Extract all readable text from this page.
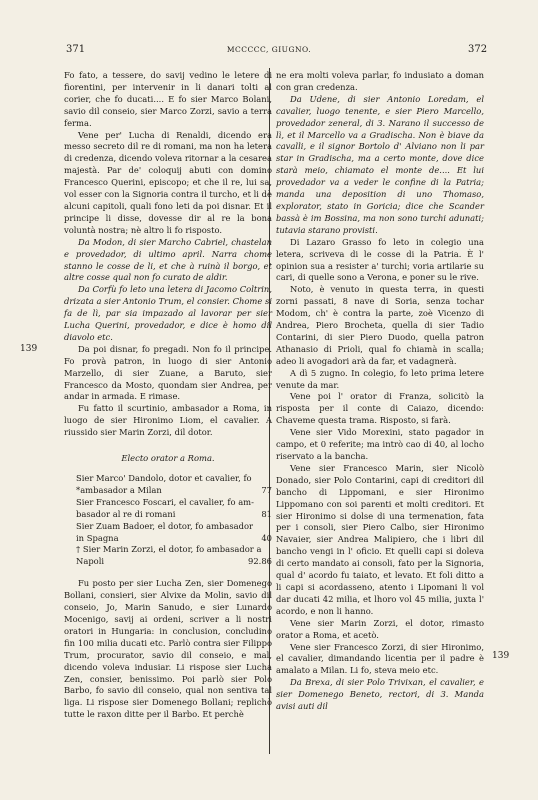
371	MCCCCC, GIUGNO.	372
139
139

Fo fato, a tessere, do savij vedino le letere di fiorentini, per intervenir in li danari tolti al corier, che fo ducati.... E fo sier Marco Bolani, savio dil conseio, sier Marco Zorzi, savio a terra ferma.

Vene per' Lucha di Renaldi, dicendo era messo secreto dil re di romani, ma non ha letera di credenza, dicendo voleva ritornar a la cesarea majestà. Par de' coloquij abuti con domino Francesco Querini, episcopo; et che il re, lui sa, vol esser con la Signoria contra il turcho, et li dè alcuni capitoli, quali fono leti da poi disnar. Et il principe li disse, dovesse dir al re la bona voluntà nostra; nè altro li fo risposto.

Da Modon, di sier Marcho Cabriel, chastelan e provedador, di ultimo april. Narra chome stanno le cosse de li, et che à ruinà il borgo, et altre cosse qual non fo curato de aldir.

Da Corfù fo leto una letera di Jacomo Coltrin, drizata a sier Antonio Trum, el consier. Chome si fa de lì, par sia impazado al lavorar per sier Lucha Querini, provedador, e dice è homo dil diavolo etc.

Da poi disnar, fo pregadi. Non fo il principe. Fo provà patron, in luogo di sier Antonio Marzello, di sier Zuane, a Baruto, sier Francesco da Mosto, quondam sier Andrea, per andar in armada. E rimase.

Fu fatto il scurtinio, ambasador a Roma, in luogo de sier Hironimo Liom, el cavalier. A riussido sier Marin Zorzi, dil dotor.

Electo orator a Roma.

Sier Marco' Dandolo, dotor et cavalier, fo
*ambasador a Milan	77
Sier Francesco Foscari, el cavalier, fo am-
basador al re di romani	81
Sier Zuam Badoer, el dotor, fo ambasador
in Spagna	40
† Sier Marin Zorzi, el dotor, fo ambasador a
Napoli	92.86

Fu posto per sier Lucha Zen, sier Domenego Bollani, consieri, sier Alvixe da Molin, savio dil conseio, Jo, Marin Sanudo, e sier Lunardo Mocenigo, savij ai ordeni, scriver a li nostri oratori in Hungaria: in conclusion, concludino fin 100 milia ducati etc. Parlò contra sier Filippo Trum, procurator, savio dil conseio, e mal, dicendo voleva indusiar. Li rispose sier Lucha Zen, consier, benissimo. Poi parlò sier Polo Barbo, fo savio dil conseio, qual non sentiva tal liga. Li rispose sier Domenego Bollani; replichò tutte le raxon ditte per il Barbo. Et perchè

ne era molti voleva parlar, fo indusiato a doman con gran credenza.

Da Udene, di sier Antonio Loredam, el cavalier, luogo tenente, e sier Piero Marcello, provedador zeneral, di 3. Narano il successo de lì, et il Marcello va a Gradischa. Non è biave da cavalli, e il signor Bortolo d' Alviano non li par star in Gradischa, ma a certo monte, dove dice starà meio, chiamato el monte de.... Et lui provedador va a veder le confine di la Patria; manda una deposition di uno Thomaso, explorator, stato in Goricia; dice che Scander bassà è im Bossina, ma non sono turchi adunati; tutavia starano provisti.

Di Lazaro Grasso fo leto in colegio una letera, scriveva di le cosse di la Patria. È l' opinion sua a resister a' turchi; voria artilarie su cari, di quelle sono a Verona, e poner su le rive.

Noto, è venuto in questa terra, in questi zorni passati, 8 nave di Soria, senza tochar Modom, ch' è contra la parte, zoè Vicenzo di Andrea, Piero Brocheta, quella di sier Tadio Contarini, di sier Piero Duodo, quella patron Athanasio di Prioli, qual fo chiamà in scalla; adeo li avogadori arà da far, et vadagnerà.

A dì 5 zugno. In colegio, fo leto prima letere venute da mar.

Vene poi l' orator di Franza, solicitò la risposta per il conte di Caiazo, dicendo: Chaveme questa trama. Risposto, si farà.

Vene sier Vido Morexini, stato pagador in campo, et 0 referite; ma intrò cao di 40, al locho riservato a la bancha.

Vene sier Francesco Marin, sier Nicolò Donado, sier Polo Contarini, capi di creditori dil bancho di Lippomani, e sier Hironimo Lippomano con soi parenti et molti creditori. Et sier Hironimo si dolse di una termenation, fata per i consoli, sier Piero Calbo, sier Hironimo Navaier, sier Andrea Malipiero, che i libri dil bancho vengi in l' oficio. Et quelli capi si doleva di certo mandato ai consoli, fato per la Signoria, qual d' acordo fu taiato, et levato. Et foli ditto a li capi si acordasseno, atento i Lipomani li vol dar ducati 42 milia, et lhoro vol 45 milia, juxta l' acordo, e non li hanno.

Vene sier Marin Zorzi, el dotor, rimasto orator a Roma, et acetò.

Vene sier Francesco Zorzi, di sier Hironimo, el cavalier, dimandando licentia per il padre è amalato a Milan. Li fo, steva meio etc.

Da Brexa, di sier Polo Trivixan, el cavalier, e sier Domenego Beneto, rectori, di 3. Manda avisi auti dil
